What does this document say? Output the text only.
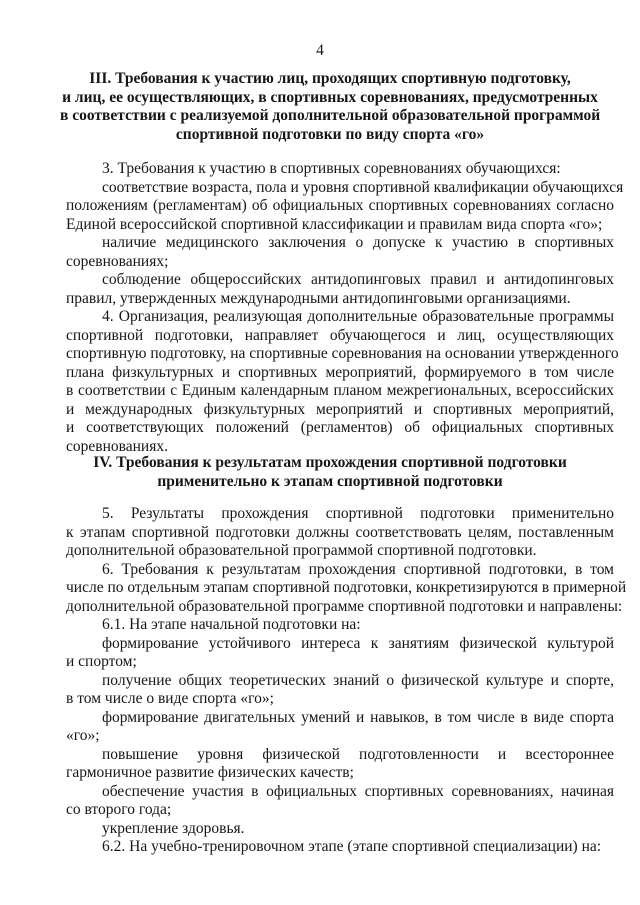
4
III. Требования к участию лиц, проходящих спортивную подготовку,
и лиц, ее осуществляющих, в спортивных соревнованиях, предусмотренных
в соответствии с реализуемой дополнительной образовательной программой
спортивной подготовки по виду спорта «го»
3. Требования к участию в спортивных соревнованиях обучающихся:
соответствие возраста, пола и уровня спортивной квалификации обучающихся
положениям (регламентам) об официальных спортивных соревнованиях согласно
Единой всероссийской спортивной классификации и правилам вида спорта «го»;
наличие медицинского заключения о допуске к участию в спортивных
соревнованиях;
соблюдение общероссийских антидопинговых правил и антидопинговых
правил, утвержденных международными антидопинговыми организациями.
4. Организация, реализующая дополнительные образовательные программы
спортивной подготовки, направляет обучающегося и лиц, осуществляющих
спортивную подготовку, на спортивные соревнования на основании утвержденного
плана физкультурных и спортивных мероприятий, формируемого в том числе
в соответствии с Единым календарным планом межрегиональных, всероссийских
и международных физкультурных мероприятий и спортивных мероприятий,
и соответствующих положений (регламентов) об официальных спортивных
соревнованиях.
IV. Требования к результатам прохождения спортивной подготовки
применительно к этапам спортивной подготовки
5. Результаты прохождения спортивной подготовки применительно
к этапам спортивной подготовки должны соответствовать целям, поставленным
дополнительной образовательной программой спортивной подготовки.
6. Требования к результатам прохождения спортивной подготовки, в том
числе по отдельным этапам спортивной подготовки, конкретизируются в примерной
дополнительной образовательной программе спортивной подготовки и направлены:
6.1. На этапе начальной подготовки на:
формирование устойчивого интереса к занятиям физической культурой
и спортом;
получение общих теоретических знаний о физической культуре и спорте,
в том числе о виде спорта «го»;
формирование двигательных умений и навыков, в том числе в виде спорта
«го»;
повышение уровня физической подготовленности и всестороннее
гармоничное развитие физических качеств;
обеспечение участия в официальных спортивных соревнованиях, начиная
со второго года;
укрепление здоровья.
6.2. На учебно-тренировочном этапе (этапе спортивной специализации) на:
